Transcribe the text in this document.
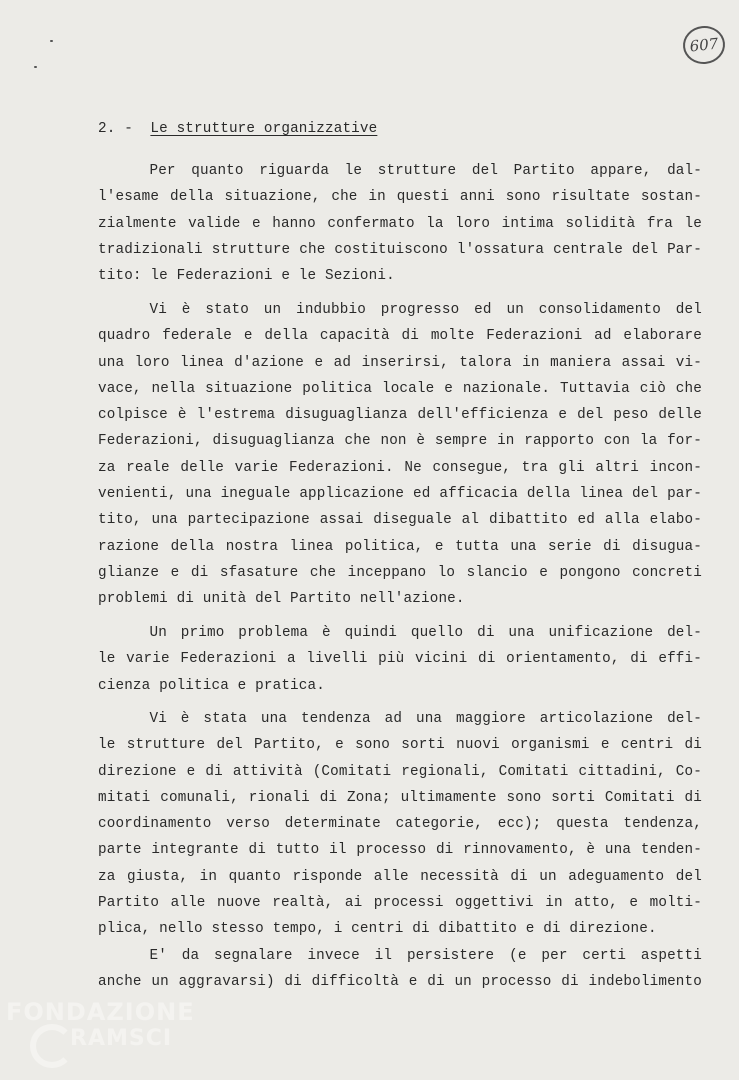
607
2. - Le strutture organizzative
Per quanto riguarda le strutture del Partito appare, dal-
l'esame della situazione, che in questi anni sono risultate sostan-
zialmente valide e hanno confermato la loro intima solidità fra le
tradizionali strutture che costituiscono l'ossatura centrale del Par-
tito: le Federazioni e le Sezioni.
Vi è stato un indubbio progresso ed un consolidamento del
quadro federale e della capacità di molte Federazioni ad elaborare
una loro linea d'azione e ad inserirsi, talora in maniera assai vi-
vace, nella situazione politica locale e nazionale. Tuttavia ciò che
colpisce è l'estrema disuguaglianza dell'efficienza e del peso delle
Federazioni, disuguaglianza che non è sempre in rapporto con la for-
za reale delle varie Federazioni. Ne consegue, tra gli altri incon-
venienti, una ineguale applicazione ed afficacia della linea del par-
tito, una partecipazione assai diseguale al dibattito ed alla elabo-
razione della nostra linea politica, e tutta una serie di disugua-
glianze e di sfasature che inceppano lo slancio e pongono concreti
problemi di unità del Partito nell'azione.
Un primo problema è quindi quello di una unificazione del-
le varie Federazioni a livelli più vicini di orientamento, di effi-
cienza politica e pratica.
Vi è stata una tendenza ad una maggiore articolazione del-
le strutture del Partito, e sono sorti nuovi organismi e centri di
direzione e di attività (Comitati regionali, Comitati cittadini, Co-
mitati comunali, rionali di Zona; ultimamente sono sorti Comitati di
coordinamento verso determinate categorie, ecc); questa tendenza,
parte integrante di tutto il processo di rinnovamento, è una tenden-
za giusta, in quanto risponde alle necessità di un adeguamento del
Partito alle nuove realtà, ai processi oggettivi in atto, e molti-
plica, nello stesso tempo, i centri di dibattito e di direzione.
E' da segnalare invece il persistere (e per certi aspetti
anche un aggravarsi) di difficoltà e di un processo di indebolimento
FONDAZIONE
RAMSCI
